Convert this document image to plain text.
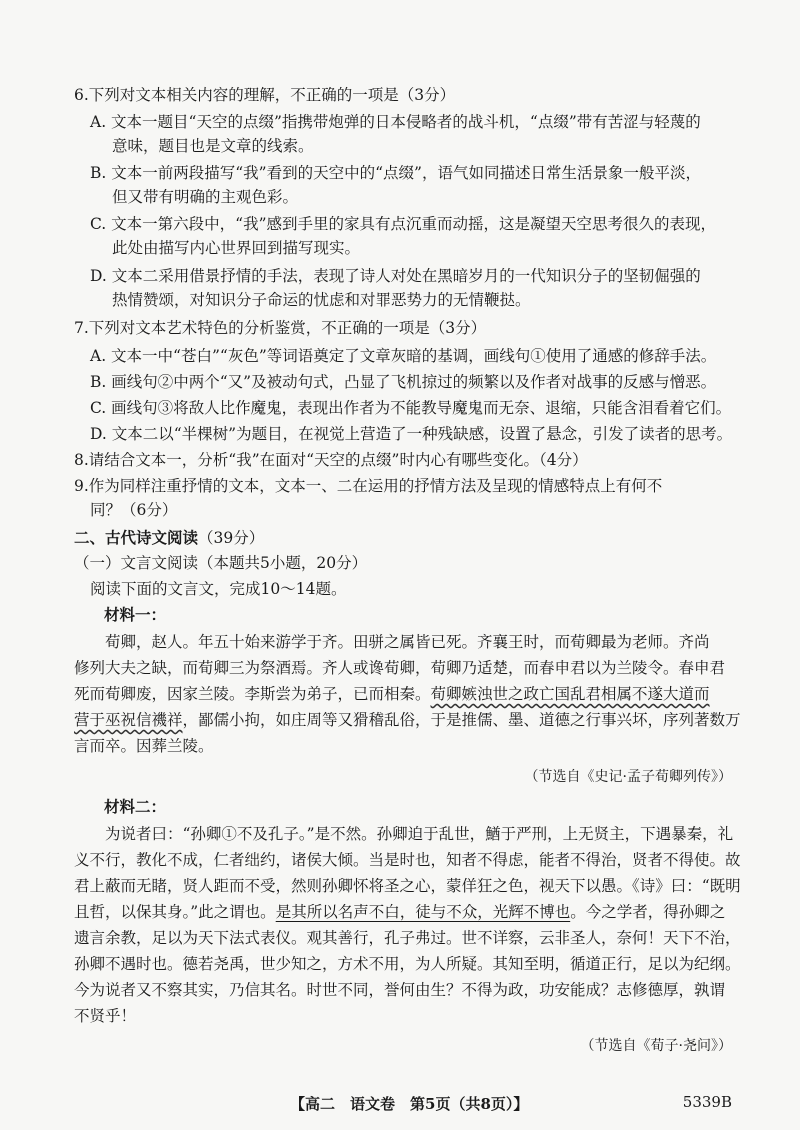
6.下列对文本相关内容的理解，不正确的一项是（3分）
A. 文本一题目“天空的点缀”指携带炮弹的日本侵略者的战斗机，“点缀”带有苦涩与轻蔑的
意味，题目也是文章的线索。
B. 文本一前两段描写“我”看到的天空中的“点缀”，语气如同描述日常生活景象一般平淡，
但又带有明确的主观色彩。
C. 文本一第六段中，“我”感到手里的家具有点沉重而动摇，这是凝望天空思考很久的表现，
此处由描写内心世界回到描写现实。
D. 文本二采用借景抒情的手法，表现了诗人对处在黑暗岁月的一代知识分子的坚韧倔强的
热情赞颂，对知识分子命运的忧虑和对罪恶势力的无情鞭挞。
7.下列对文本艺术特色的分析鉴赏，不正确的一项是（3分）
A. 文本一中“苍白”“灰色”等词语奠定了文章灰暗的基调，画线句①使用了通感的修辞手法。
B. 画线句②中两个“又”及被动句式，凸显了飞机掠过的频繁以及作者对战事的反感与憎恶。
C. 画线句③将敌人比作魔鬼，表现出作者为不能教导魔鬼而无奈、退缩，只能含泪看着它们。
D. 文本二以“半棵树”为题目，在视觉上营造了一种残缺感，设置了悬念，引发了读者的思考。
8.请结合文本一，分析“我”在面对“天空的点缀”时内心有哪些变化。（4分）
9.作为同样注重抒情的文本，文本一、二在运用的抒情方法及呈现的情感特点上有何不
同？（6分）
二、古代诗文阅读（39分）
（一）文言文阅读（本题共5小题，20分）
阅读下面的文言文，完成10～14题。
材料一：
荀卿，赵人。年五十始来游学于齐。田骈之属皆已死。齐襄王时，而荀卿最为老师。齐尚
修列大夫之缺，而荀卿三为祭酒焉。齐人或谗荀卿，荀卿乃适楚，而春申君以为兰陵令。春申君
死而荀卿废，因家兰陵。李斯尝为弟子，已而相秦。荀卿嫉浊世之政亡国乱君相属不遂大道而
营于巫祝信禨祥，鄙儒小拘，如庄周等又猾稽乱俗，于是推儒、墨、道德之行事兴坏，序列著数万
言而卒。因葬兰陵。
（节选自《史记·孟子荀卿列传》）
材料二：
为说者曰：“孙卿①不及孔子。”是不然。孙卿迫于乱世，鰌于严刑，上无贤主，下遇暴秦，礼
义不行，教化不成，仁者绌约，诸侯大倾。当是时也，知者不得虑，能者不得治，贤者不得使。故
君上蔽而无睹，贤人距而不受，然则孙卿怀将圣之心，蒙佯狂之色，视天下以愚。《诗》曰：“既明
且哲，以保其身。”此之谓也。是其所以名声不白，徒与不众，光辉不博也。今之学者，得孙卿之
遗言余教，足以为天下法式表仪。观其善行，孔子弗过。世不详察，云非圣人，奈何！天下不治，
孙卿不遇时也。德若尧禹，世少知之，方术不用，为人所疑。其知至明，循道正行，足以为纪纲。
今为说者又不察其实，乃信其名。时世不同，誉何由生？不得为政，功安能成？志修德厚，孰谓
不贤乎！
（节选自《荀子·尧问》）
【高二　语文卷　第5页（共8页）】	5339B
